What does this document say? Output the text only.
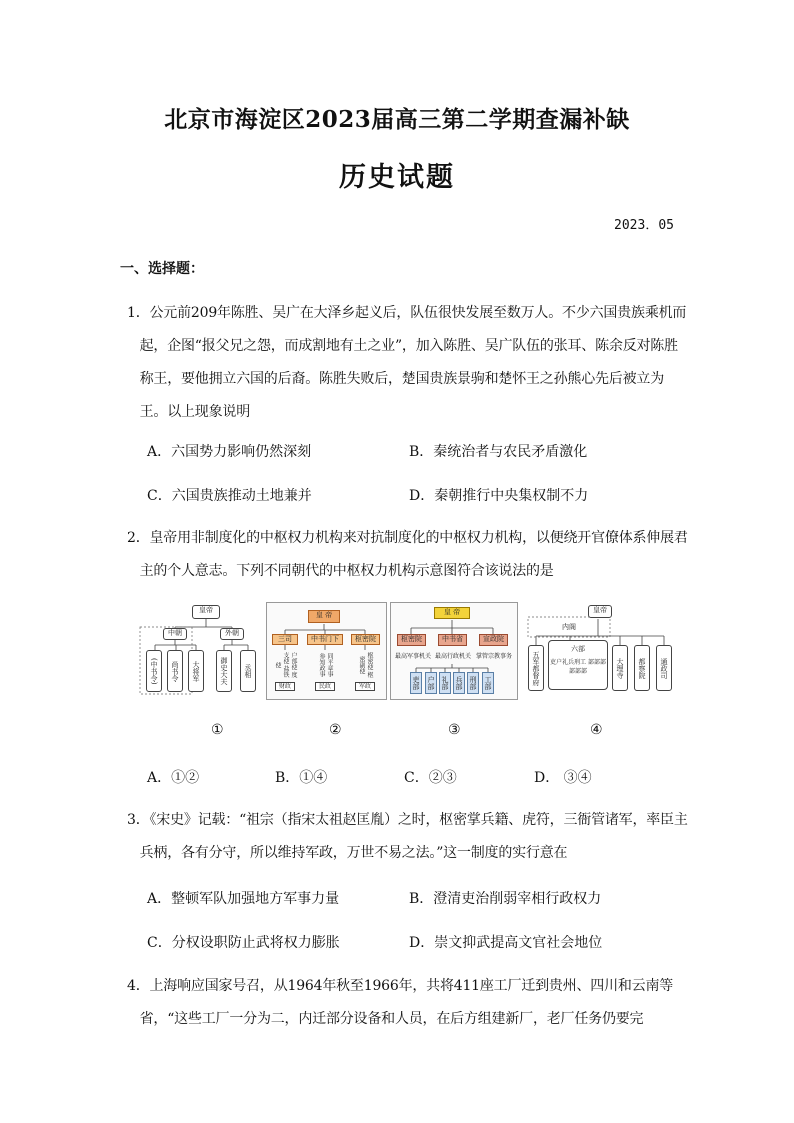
北京市海淀区2023届高三第二学期查漏补缺
历史试题
2023．05
一、选择题：
1．公元前209年陈胜、吴广在大泽乡起义后，队伍很快发展至数万人。不少六国贵族乘机而起，企图“报父兄之怨，而成割地有土之业”，加入陈胜、吴广队伍的张耳、陈余反对陈胜称王，要他拥立六国的后裔。陈胜失败后，楚国贵族景驹和楚怀王之孙熊心先后被立为王。以上现象说明
A．六国势力影响仍然深刻	B．秦统治者与农民矛盾激化
C．六国贵族推动土地兼并	D．秦朝推行中央集权制不力
2．皇帝用非制度化的中枢权力机构来对抗制度化的中枢权力机构，以便绕开官僚体系伸展君主的个人意志。下列不同朝代的中枢权力机构示意图符合该说法的是
皇帝
中朝	外朝
(中书令)	尚书令	大将军	御史大夫	丞相
皇 帝
三司	中书门下	枢密院
户部使 度支使 盐铁使	同平章事 参知政事	枢密使 枢密副使
财政	民政	军政
皇 帝
枢密院	中书省	宣政院
最高军事机关 最高行政机关 掌管宗教事务
吏部 户部 礼部 兵部 刑部 工部
皇帝
内阁
六部
吏户礼兵刑工 部部部部部部
五军都督府	大理寺	都察院	通政司
①	②	③	④
A．①②	B．①④	C．②③	D． ③④
3．《宋史》记载：“祖宗（指宋太祖赵匡胤）之时，枢密掌兵籍、虎符，三衙管诸军，率臣主兵柄，各有分守，所以维持军政，万世不易之法。”这一制度的实行意在
A．整顿军队加强地方军事力量	B．澄清吏治削弱宰相行政权力
C．分权设职防止武将权力膨胀	D．崇文抑武提高文官社会地位
4．上海响应国家号召，从1964年秋至1966年，共将411座工厂迁到贵州、四川和云南等省，“这些工厂一分为二，内迁部分设备和人员，在后方组建新厂，老厂任务仍要完
